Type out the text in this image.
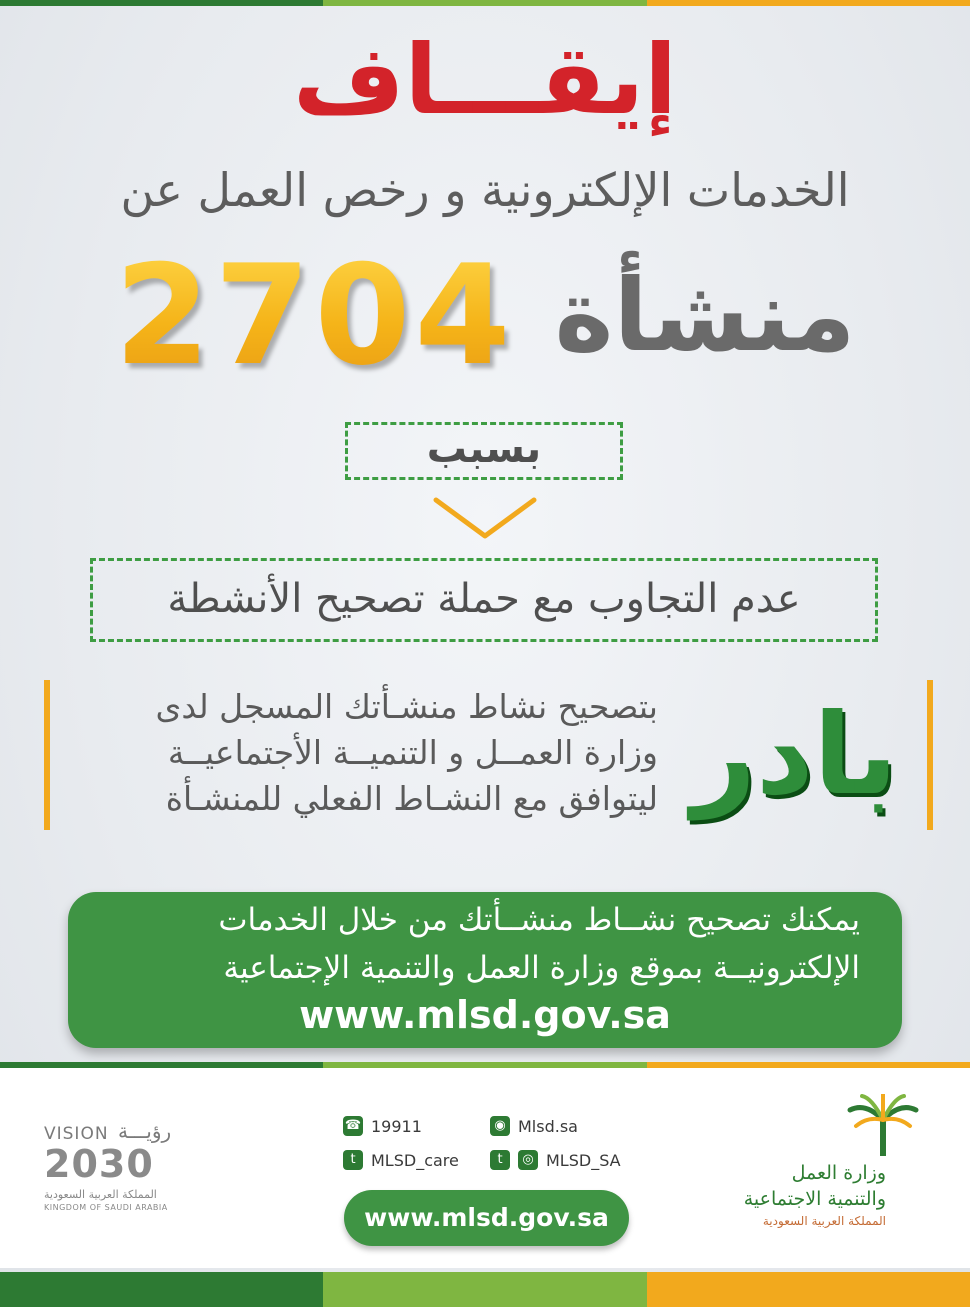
إيقـــاف
الخدمات الإلكترونية و رخص العمل عن
منشأة
2704
بسبب
عدم التجاوب مع حملة تصحيح الأنشطة
بادر
بتصحيح نشاط منشـأتك المسجل لدى
وزارة العمــل و التنميــة الأجتماعيــة
ليتوافق مع النشـاط الفعلي للمنشـأة
يمكنك تصحيح نشــاط منشــأتك من خلال الخدمات
الإلكترونيــة بموقع وزارة العمل والتنمية الإجتماعية
www.mlsd.gov.sa
VISION رؤيـــة
2030
المملكة العربية السعودية
KINGDOM OF SAUDI ARABIA
☎ 19911	◉ Mlsd.sa
t MLSD_care	t	◎ MLSD_SA
www.mlsd.gov.sa
وزارة العمل
والتنمية الاجتماعية
المملكة العربية السعودية
